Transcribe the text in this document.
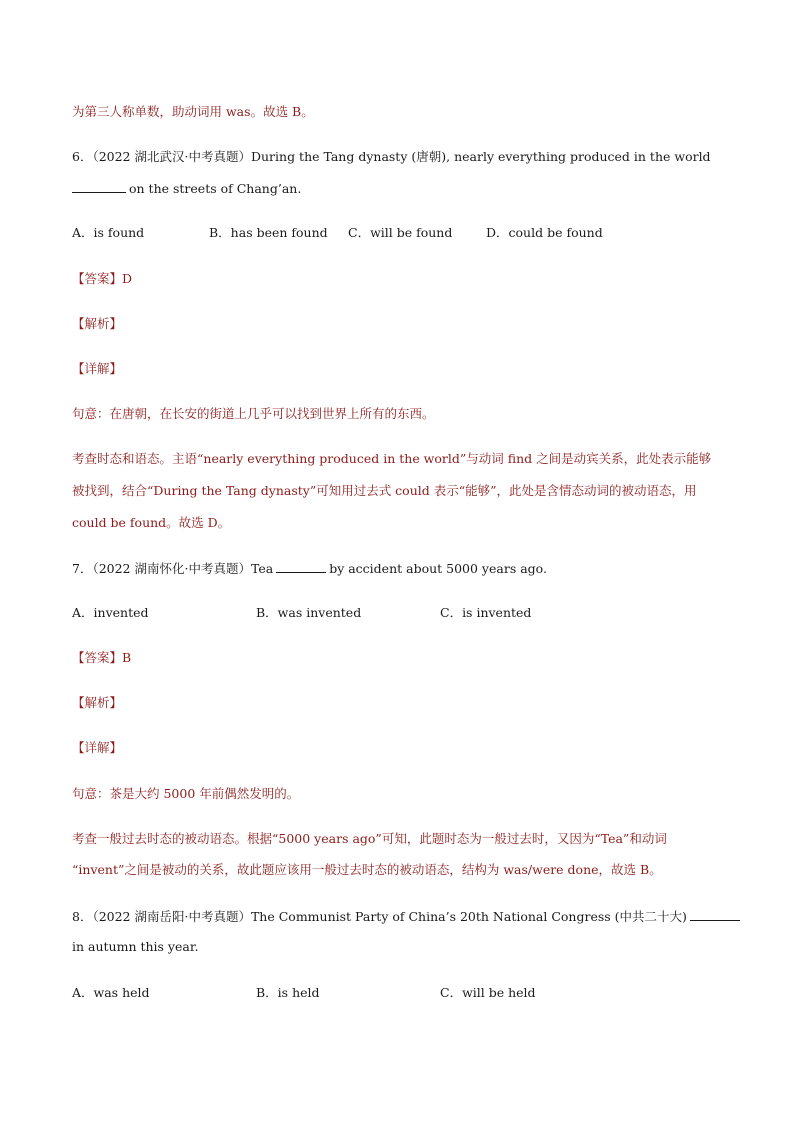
为第三人称单数，助动词用 was。故选 B。
6．（2022 湖北武汉·中考真题）During the Tang dynasty (唐朝), nearly everything produced in the world
on the streets of Chang’an.
A．is found	B．has been found C．will be found	D．could be found
【答案】D
【解析】
【详解】
句意：在唐朝，在长安的街道上几乎可以找到世界上所有的东西。
考查时态和语态。主语“nearly everything produced in the world”与动词 find 之间是动宾关系，此处表示能够
被找到，结合“During the Tang dynasty”可知用过去式 could 表示“能够”，此处是含情态动词的被动语态，用
could be found。故选 D。
7．（2022 湖南怀化·中考真题）Tea	by accident about 5000 years ago.
A．invented	B．was invented	C．is invented
【答案】B
【解析】
【详解】
句意：茶是大约 5000 年前偶然发明的。
考查一般过去时态的被动语态。根据“5000 years ago”可知，此题时态为一般过去时，又因为“Tea”和动词
“invent”之间是被动的关系，故此题应该用一般过去时态的被动语态，结构为 was/were done，故选 B。
8．（2022 湖南岳阳·中考真题）The Communist Party of China’s 20th National Congress (中共二十大)
in autumn this year.
A．was held	B．is held	C．will be held
